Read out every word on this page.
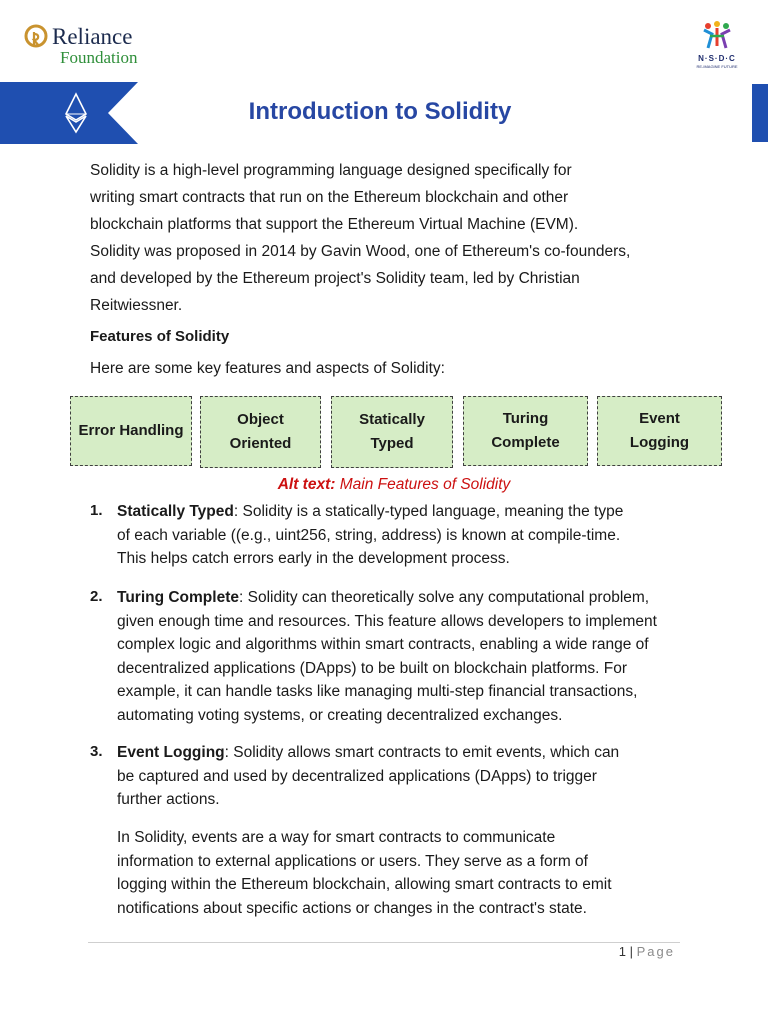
Reliance
Foundation	N·S·D·C
RE-IMAGINE FUTURE
Introduction to Solidity
Solidity is a high-level programming language designed specifically for
writing smart contracts that run on the Ethereum blockchain and other
blockchain platforms that support the Ethereum Virtual Machine (EVM).
Solidity was proposed in 2014 by Gavin Wood, one of Ethereum's co-founders,
and developed by the Ethereum project's Solidity team, led by Christian
Reitwiessner.
Features of Solidity
Here are some key features and aspects of Solidity:
Error Handling
Object Oriented
Statically Typed
Turing Complete
Event Logging
Alt text: Main Features of Solidity
1. Statically Typed: Solidity is a statically-typed language, meaning the type
of each variable ((e.g., uint256, string, address) is known at compile-time.
This helps catch errors early in the development process.
2. Turing Complete: Solidity can theoretically solve any computational problem,
given enough time and resources. This feature allows developers to implement
complex logic and algorithms within smart contracts, enabling a wide range of
decentralized applications (DApps) to be built on blockchain platforms. For
example, it can handle tasks like managing multi-step financial transactions,
automating voting systems, or creating decentralized exchanges.
3. Event Logging: Solidity allows smart contracts to emit events, which can
be captured and used by decentralized applications (DApps) to trigger
further actions.
In Solidity, events are a way for smart contracts to communicate
information to external applications or users. They serve as a form of
logging within the Ethereum blockchain, allowing smart contracts to emit
notifications about specific actions or changes in the contract's state.
1 | Page
